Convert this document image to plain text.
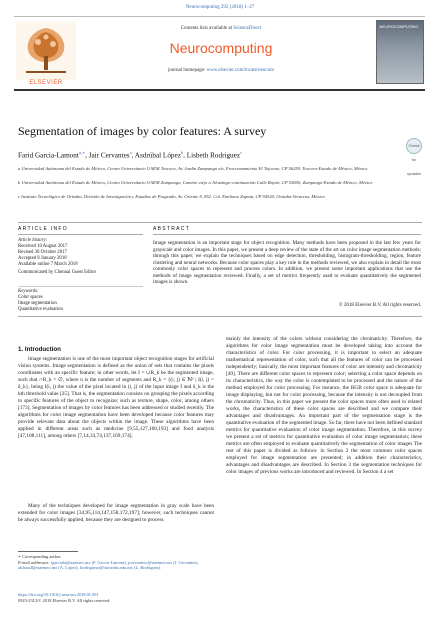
Neurocomputing 292 (2018) 1–27
ELSEVIER
Contents lists available at ScienceDirect
Neurocomputing
journal homepage: www.elsevier.com/locate/neucom
NEUROCOMPUTING
Segmentation of images by color features: A survey
Check for updates
Farid Garcia-Lamont$^{a,∗}$, Jair Cervantes$^a$, Asdrúbal López$^b$, Lisbeth Rodriguez$^c$
a Universidad Autónoma del Estado de México, Centro Universitario UAEM Texcoco, Av. Jardín Zumpango s/n, Fraccionamiento El Tejocote, CP 56259, Texcoco-Estado de México, México
b Universidad Autónoma del Estado de México, Centro Universitario UAEM Zumpango, Camino viejo a Jilotzingo-continuación Calle Rayón, CP 55600, Zumpango-Estado de México, México
c Instituto Tecnológico de Orizaba, División de Investigación y Estudios de Posgrado, Av. Oriente 9, 852. Col. Emiliano Zapata, CP 94320, Orizaba-Veracruz, México
ARTICLE INFO	ABSTRACT
Article history:
Received 10 August 2017
Revised 30 October 2017
Accepted 8 January 2018
Available online 7 March 2018
Communicated by Chennai Guest Editor
Keywords:
Color spaces
Image segmentation
Quantitative evaluation
Image segmentation is an important stage for object recognition. Many methods have been proposed in the last few years for grayscale and color images. In this paper, we present a deep review of the state of the art on color image segmentation methods; through this paper, we explain the techniques based on edge detection, thresholding, histogram-thresholding, region, feature clustering and neural networks. Because color spaces play a key role in the methods reviewed, we also explain in detail the most commonly color spaces to represent and process colors. In addition, we present some important applications that use the methods of image segmentation reviewed. Finally, a set of metrics frequently used to evaluate quantitatively the segmented images is shown.
© 2018 Elsevier B.V. All rights reserved.
1. Introduction
Image segmentation is one of the most important object recognition stages for artificial vision systems. Image segmentation is defined as the union of sets that contains the pixels coordinates with an specific feature; in other words, let I = ∪R_k be the segmented image, such that ∩R_k = ∅, where n is the number of segments and R_k = {(i, j) ∈ ℕ² | I(i, j) = δ_k}, being I(i, j) the value of the pixel located in (i, j) of the input image I and δ_k is the kth threshold value [25]. That is, the segmentation consists on grouping the pixels according to specific features of the object to recognize; such as texture, shape, color, among others [173]. Segmentation of images by color features has been addressed or studied recently. The algorithms for color image segmentation have been developed because color features may provide relevant data about the objects within the image. These algorithms have been applied in different areas such as medicine [9,55,127,160,193] and food analysis [47,108,111], among others [7,14,33,74,137,169,174].
Many of the techniques developed for image segmentation in gray scale have been extended for color images [34,95,114,147,158,172,197]; however, such techniques cannot be always successfully applied, because they are designed to process
∗ Corresponding author.
E-mail addresses: fgarciala@uaemex.mx (F. Garcia-Lamont), jcervantesc@uaemex.mx (J. Cervantes), alchaudl@uaemex.mx (A. López), lrodriguezr@itorizaba.edu.mx (L. Rodríguez).
https://doi.org/10.1016/j.neucom.2018.01.091
0925-2312/© 2018 Elsevier B.V. All rights reserved.
mainly the intensity of the colors without considering the chromaticity. Therefore, the algorithms for color image segmentation must be developed taking into account the characteristics of color. For color processing, it is important to select an adequate mathematical representation of color, such that all the features of color can be processed independently; basically, the most important features of color are intensity and chromaticity [49]. There are different color spaces to represent color; selecting a color space depends on its characteristics, the way the color is contemplated to be processed and the nature of the method employed for color processing. For instance, the RGB color space is adequate for image displaying, but not for color processing, because the intensity is not decoupled from the chromaticity. Thus, in this paper we present the color spaces more often used in related works, the characteristics of these color spaces are described and we compare their advantages and disadvantages. An important part of the segmentation stage is the quantitative evaluation of the segmented image. So far, there have not been defined standard metrics for quantitative evaluation of color image segmentation. Therefore, in this survey we present a set of metrics for quantitative evaluation of color image segmentation; these metrics are often employed to evaluate quantitatively the segmentation of color images The rest of this paper is divided as follows: in Section 2 the most common color spaces employed for image segmentation are presented; in addition their characteristics, advantages and disadvantages are described. In Section 3 the segmentation techniques for color images of previous works are introduced and reviewed. In Section 4 a set
